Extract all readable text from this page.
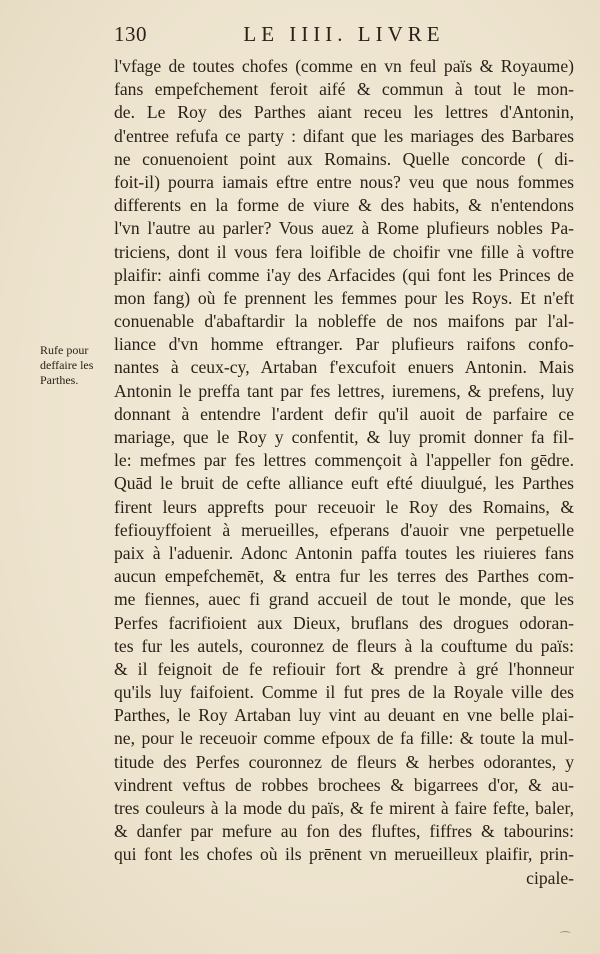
130	LE IIII. LIVRE
Rufe pour
deffaire les
Parthes.
l'vfage de toutes chofes (comme en vn feul païs & Royaume)
fans empefchement feroit aifé & commun à tout le mon-
de. Le Roy des Parthes aiant receu les lettres d'Antonin,
d'entree refufa ce party : difant que les mariages des Barbares
ne conuenoient point aux Romains. Quelle concorde ( di-
foit-il) pourra iamais eftre entre nous? veu que nous fommes
differents en la forme de viure & des habits, & n'entendons
l'vn l'autre au parler? Vous auez à Rome plufieurs nobles Pa-
triciens, dont il vous fera loifible de choifir vne fille à voftre
plaifir: ainfi comme i'ay des Arfacides (qui font les Princes de
mon fang) où fe prennent les femmes pour les Roys. Et n'eft
conuenable d'abaftardir la nobleffe de nos maifons par l'al-
liance d'vn homme eftranger. Par plufieurs raifons confo-
nantes à ceux-cy, Artaban f'excufoit enuers Antonin. Mais
Antonin le preffa tant par fes lettres, iuremens, & prefens, luy
donnant à entendre l'ardent defir qu'il auoit de parfaire ce
mariage, que le Roy y confentit, & luy promit donner fa fil-
le: mefmes par fes lettres commençoit à l'appeller fon gēdre.
Quād le bruit de cefte alliance euft efté diuulgué, les Parthes
firent leurs apprefts pour receuoir le Roy des Romains, &
fefiouyffoient à merueilles, efperans d'auoir vne perpetuelle
paix à l'aduenir. Adonc Antonin paffa toutes les riuieres fans
aucun empefchemēt, & entra fur les terres des Parthes com-
me fiennes, auec fi grand accueil de tout le monde, que les
Perfes facrifioient aux Dieux, bruflans des drogues odoran-
tes fur les autels, couronnez de fleurs à la couftume du païs:
& il feignoit de fe refiouir fort & prendre à gré l'honneur
qu'ils luy faifoient. Comme il fut pres de la Royale ville des
Parthes, le Roy Artaban luy vint au deuant en vne belle plai-
ne, pour le receuoir comme efpoux de fa fille: & toute la mul-
titude des Perfes couronnez de fleurs & herbes odorantes, y
vindrent veftus de robbes brochees & bigarrees d'or, & au-
tres couleurs à la mode du païs, & fe mirent à faire fefte, baler,
& danfer par mefure au fon des fluftes, fiffres & tabourins:
qui font les chofes où ils prēnent vn merueilleux plaifir, prin-
cipale-
⁀
